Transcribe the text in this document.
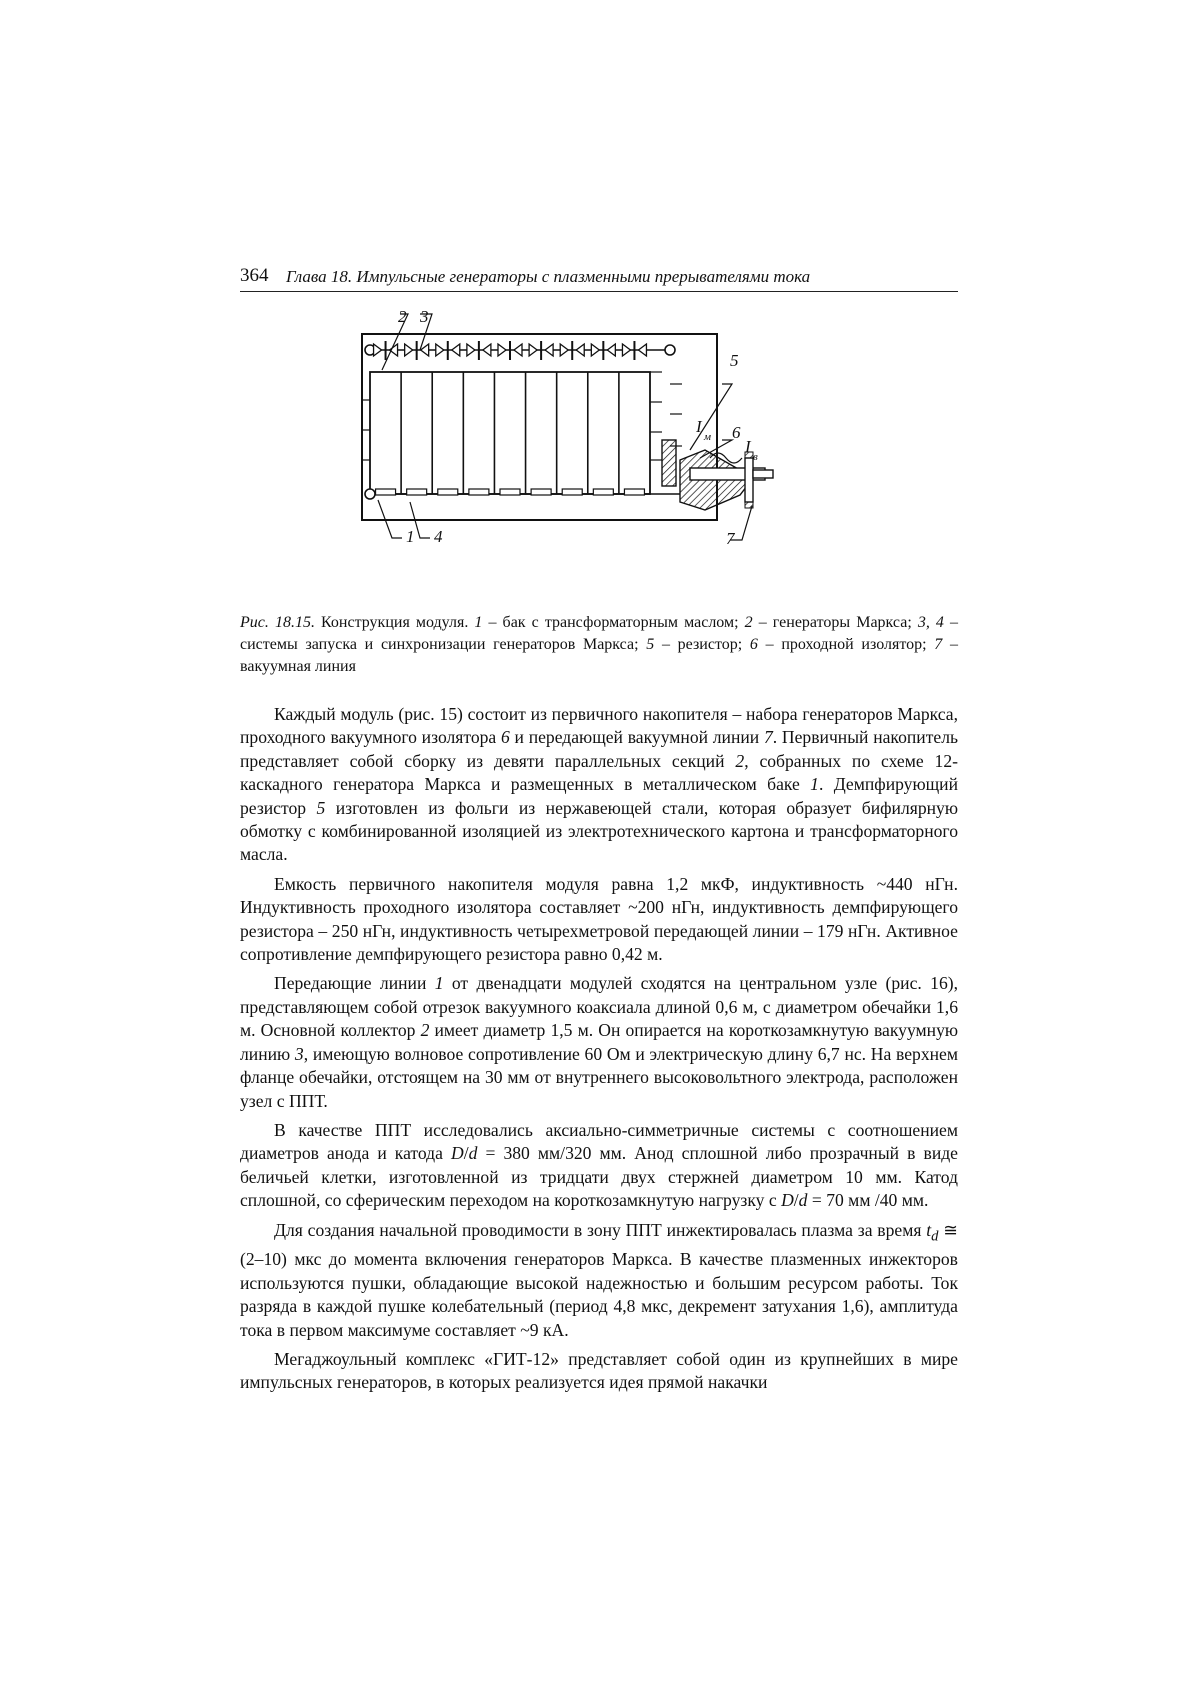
364 Глава 18. Импульсные генераторы с плазменными прерывателями тока
2 3
5
6
I
м I
в
1 4	7
Рис. 18.15. Конструкция модуля. 1 – бак с трансформаторным маслом; 2 – генераторы Маркса; 3, 4 – системы запуска и синхронизации генераторов Маркса; 5 – резистор; 6 – проходной изолятор; 7 – вакуумная линия

Каждый модуль (рис. 15) состоит из первичного накопителя – набора генераторов Маркса, проходного вакуумного изолятора 6 и передающей вакуумной линии 7. Первичный накопитель представляет собой сборку из девяти параллельных секций 2, собранных по схеме 12-каскадного генератора Маркса и размещенных в металлическом баке 1. Демпфирующий резистор 5 изготовлен из фольги из нержавеющей стали, которая образует бифилярную обмотку с комбинированной изоляцией из электротехнического картона и трансформаторного масла.

Емкость первичного накопителя модуля равна 1,2 мкФ, индуктивность ~440 нГн. Индуктивность проходного изолятора составляет ~200 нГн, индуктивность демпфирующего резистора – 250 нГн, индуктивность четырехметровой передающей линии – 179 нГн. Активное сопротивление демпфирующего резистора равно 0,42 м.

Передающие линии 1 от двенадцати модулей сходятся на центральном узле (рис. 16), представляющем собой отрезок вакуумного коаксиала длиной 0,6 м, с диаметром обечайки 1,6 м. Основной коллектор 2 имеет диаметр 1,5 м. Он опирается на короткозамкнутую вакуумную линию 3, имеющую волновое сопротивление 60 Ом и электрическую длину 6,7 нс. На верхнем фланце обечайки, отстоящем на 30 мм от внутреннего высоковольтного электрода, расположен узел с ППТ.

В качестве ППТ исследовались аксиально-симметричные системы с соотношением диаметров анода и катода D/d = 380 мм/320 мм. Анод сплошной либо прозрачный в виде беличьей клетки, изготовленной из тридцати двух стержней диаметром 10 мм. Катод сплошной, со сферическим переходом на короткозамкнутую нагрузку с D/d = 70 мм /40 мм.

Для создания начальной проводимости в зону ППТ инжектировалась плазма за время $t_d$ ≅ (2–10) мкс до момента включения генераторов Маркса. В качестве плазменных инжекторов используются пушки, обладающие высокой надежностью и большим ресурсом работы. Ток разряда в каждой пушке колебательный (период 4,8 мкс, декремент затухания 1,6), амплитуда тока в первом максимуме составляет ~9 кА.

Мегаджоульный комплекс «ГИТ-12» представляет собой один из крупнейших в мире импульсных генераторов, в которых реализуется идея прямой накачки
